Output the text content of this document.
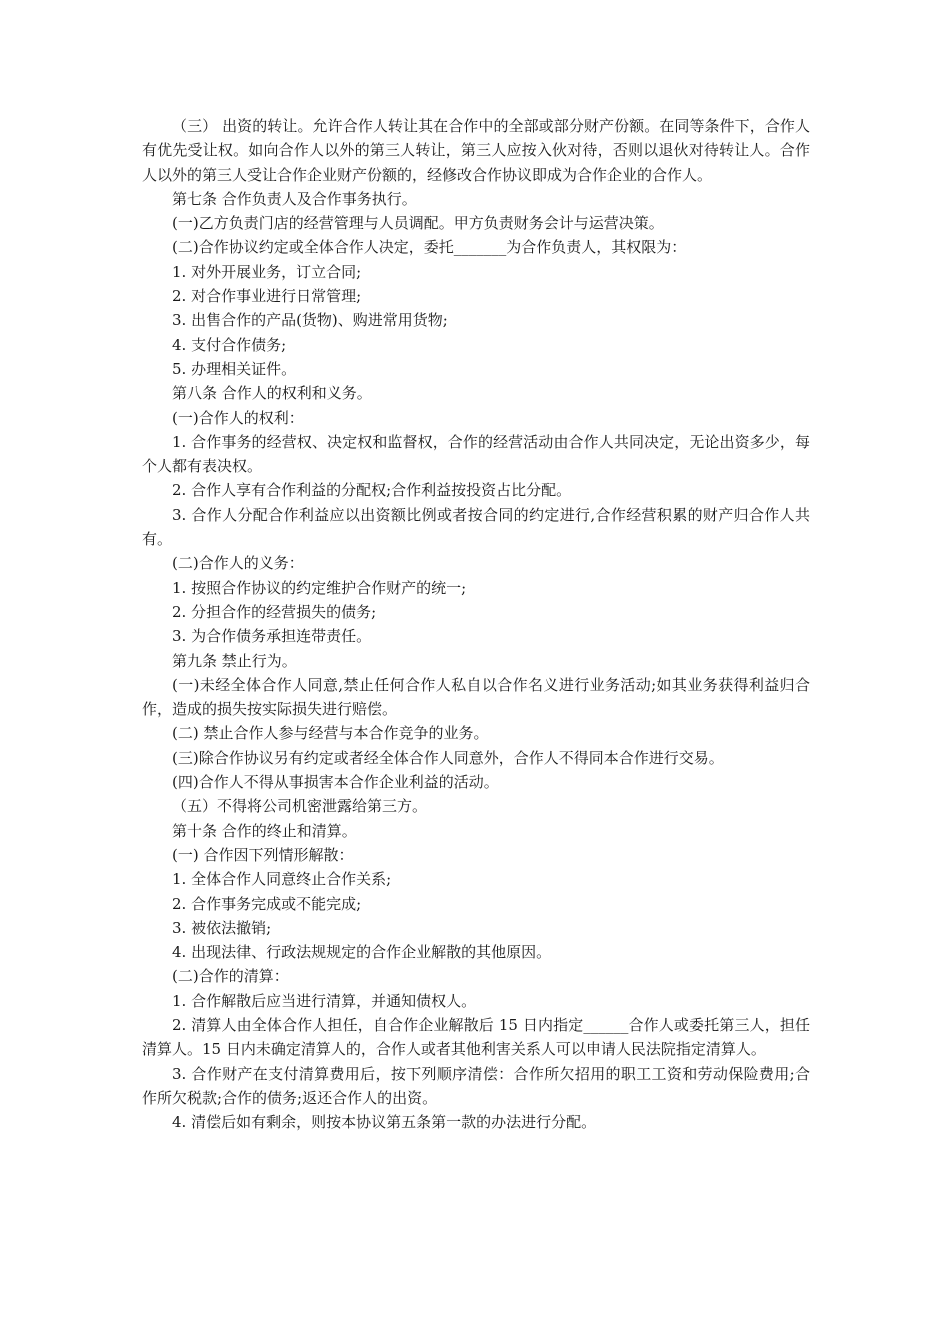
（三） 出资的转让。允许合作人转让其在合作中的全部或部分财产份额。在同等条件下，合作人有优先受让权。如向合作人以外的第三人转让，第三人应按入伙对待，否则以退伙对待转让人。合作人以外的第三人受让合作企业财产份额的，经修改合作协议即成为合作企业的合作人。

第七条 合作负责人及合作事务执行。

(一)乙方负责门店的经营管理与人员调配。甲方负责财务会计与运营决策。

(二)合作协议约定或全体合作人决定，委托_______为合作负责人，其权限为：

1. 对外开展业务，订立合同;

2. 对合作事业进行日常管理;

3. 出售合作的产品(货物)、购进常用货物;

4. 支付合作债务;

5. 办理相关证件。

第八条 合作人的权利和义务。

(一)合作人的权利：

1. 合作事务的经营权、决定权和监督权，合作的经营活动由合作人共同决定，无论出资多少，每个人都有表决权。

2. 合作人享有合作利益的分配权;合作利益按投资占比分配。

3. 合作人分配合作利益应以出资额比例或者按合同的约定进行,合作经营积累的财产归合作人共有。

(二)合作人的义务：

1. 按照合作协议的约定维护合作财产的统一;

2. 分担合作的经营损失的债务;

3. 为合作债务承担连带责任。

第九条 禁止行为。

(一)未经全体合作人同意,禁止任何合作人私自以合作名义进行业务活动;如其业务获得利益归合作，造成的损失按实际损失进行赔偿。

(二) 禁止合作人参与经营与本合作竞争的业务。

(三)除合作协议另有约定或者经全体合作人同意外，合作人不得同本合作进行交易。

(四)合作人不得从事损害本合作企业利益的活动。

（五）不得将公司机密泄露给第三方。

第十条 合作的终止和清算。

(一) 合作因下列情形解散：

1. 全体合作人同意终止合作关系;

2. 合作事务完成或不能完成;

3. 被依法撤销;

4. 出现法律、行政法规规定的合作企业解散的其他原因。

(二)合作的清算：

1. 合作解散后应当进行清算，并通知债权人。

2. 清算人由全体合作人担任，自合作企业解散后 15 日内指定______合作人或委托第三人，担任清算人。15 日内未确定清算人的，合作人或者其他利害关系人可以申请人民法院指定清算人。

3. 合作财产在支付清算费用后，按下列顺序清偿：合作所欠招用的职工工资和劳动保险费用;合作所欠税款;合作的债务;返还合作人的出资。

4. 清偿后如有剩余，则按本协议第五条第一款的办法进行分配。
